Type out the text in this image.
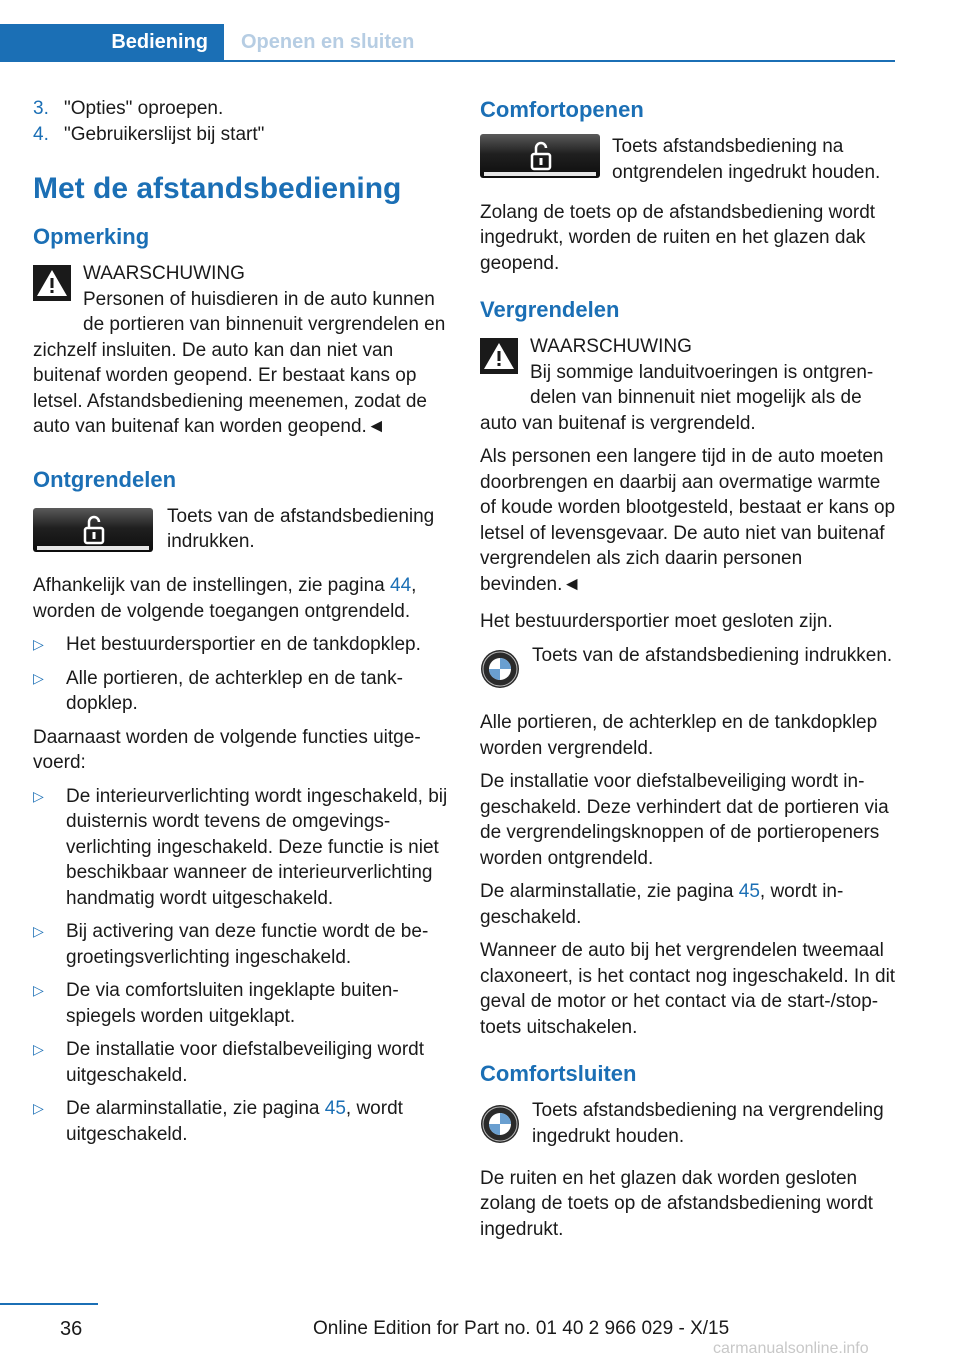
Bediening	Openen en sluiten
3. "Opties" oproepen.
4. "Gebruikerslijst bij start"
Met de afstandsbediening
Opmerking
WAARSCHUWING
Personen of huisdieren in de auto kunnen de portieren van binnenuit vergrendelen en zichzelf insluiten. De auto kan dan niet van buitenaf worden geopend. Er bestaat kans op letsel. Afstandsbediening meenemen, zodat de auto van buitenaf kan worden geopend.◄
Ontgrendelen
Toets van de afstandsbediening indrukken.

Afhankelijk van de instellingen, zie pagina 44, worden de volgende toegangen ontgrendeld.

▷	Het bestuurdersportier en de tankdopklep.
▷	Alle portieren, de achterklep en de tankdopklep.

Daarnaast worden de volgende functies uitgevoerd:

▷	De interieurverlichting wordt ingeschakeld, bij duisternis wordt tevens de omgevingsverlichting ingeschakeld. Deze functie is niet beschikbaar wanneer de interieurverlichting handmatig wordt uitgeschakeld.
▷	Bij activering van deze functie wordt de begroetingsverlichting ingeschakeld.
▷	De via comfortsluiten ingeklapte buitenspiegels worden uitgeklapt.
▷	De installatie voor diefstalbeveiliging wordt uitgeschakeld.
▷	De alarminstallatie, zie pagina 45, wordt uitgeschakeld.
Comfortopenen
Toets afstandsbediening na ontgrendelen ingedrukt houden.

Zolang de toets op de afstandsbediening wordt ingedrukt, worden de ruiten en het glazen dak geopend.

Vergrendelen
WAARSCHUWING
Bij sommige landuitvoeringen is ontgrendelen van binnenuit niet mogelijk als de auto van buitenaf is vergrendeld.

Als personen een langere tijd in de auto moeten doorbrengen en daarbij aan overmatige warmte of koude worden blootgesteld, bestaat er kans op letsel of levensgevaar. De auto niet van buitenaf vergrendelen als zich daarin personen bevinden.◄

Het bestuurdersportier moet gesloten zijn.

Toets van de afstandsbediening indrukken.

Alle portieren, de achterklep en de tankdopklep worden vergrendeld.

De installatie voor diefstalbeveiliging wordt ingeschakeld. Deze verhindert dat de portieren via de vergrendelingsknoppen of de portieropeners worden ontgrendeld.

De alarminstallatie, zie pagina 45, wordt ingeschakeld.

Wanneer de auto bij het vergrendelen tweemaal claxoneert, is het contact nog ingeschakeld. In dit geval de motor or het contact via de start-/stop-toets uitschakelen.

Comfortsluiten
Toets afstandsbediening na vergrendeling ingedrukt houden.

De ruiten en het glazen dak worden gesloten zolang de toets op de afstandsbediening wordt ingedrukt.

36	Online Edition for Part no. 01 40 2 966 029 - X/15
carmanualsonline.info
